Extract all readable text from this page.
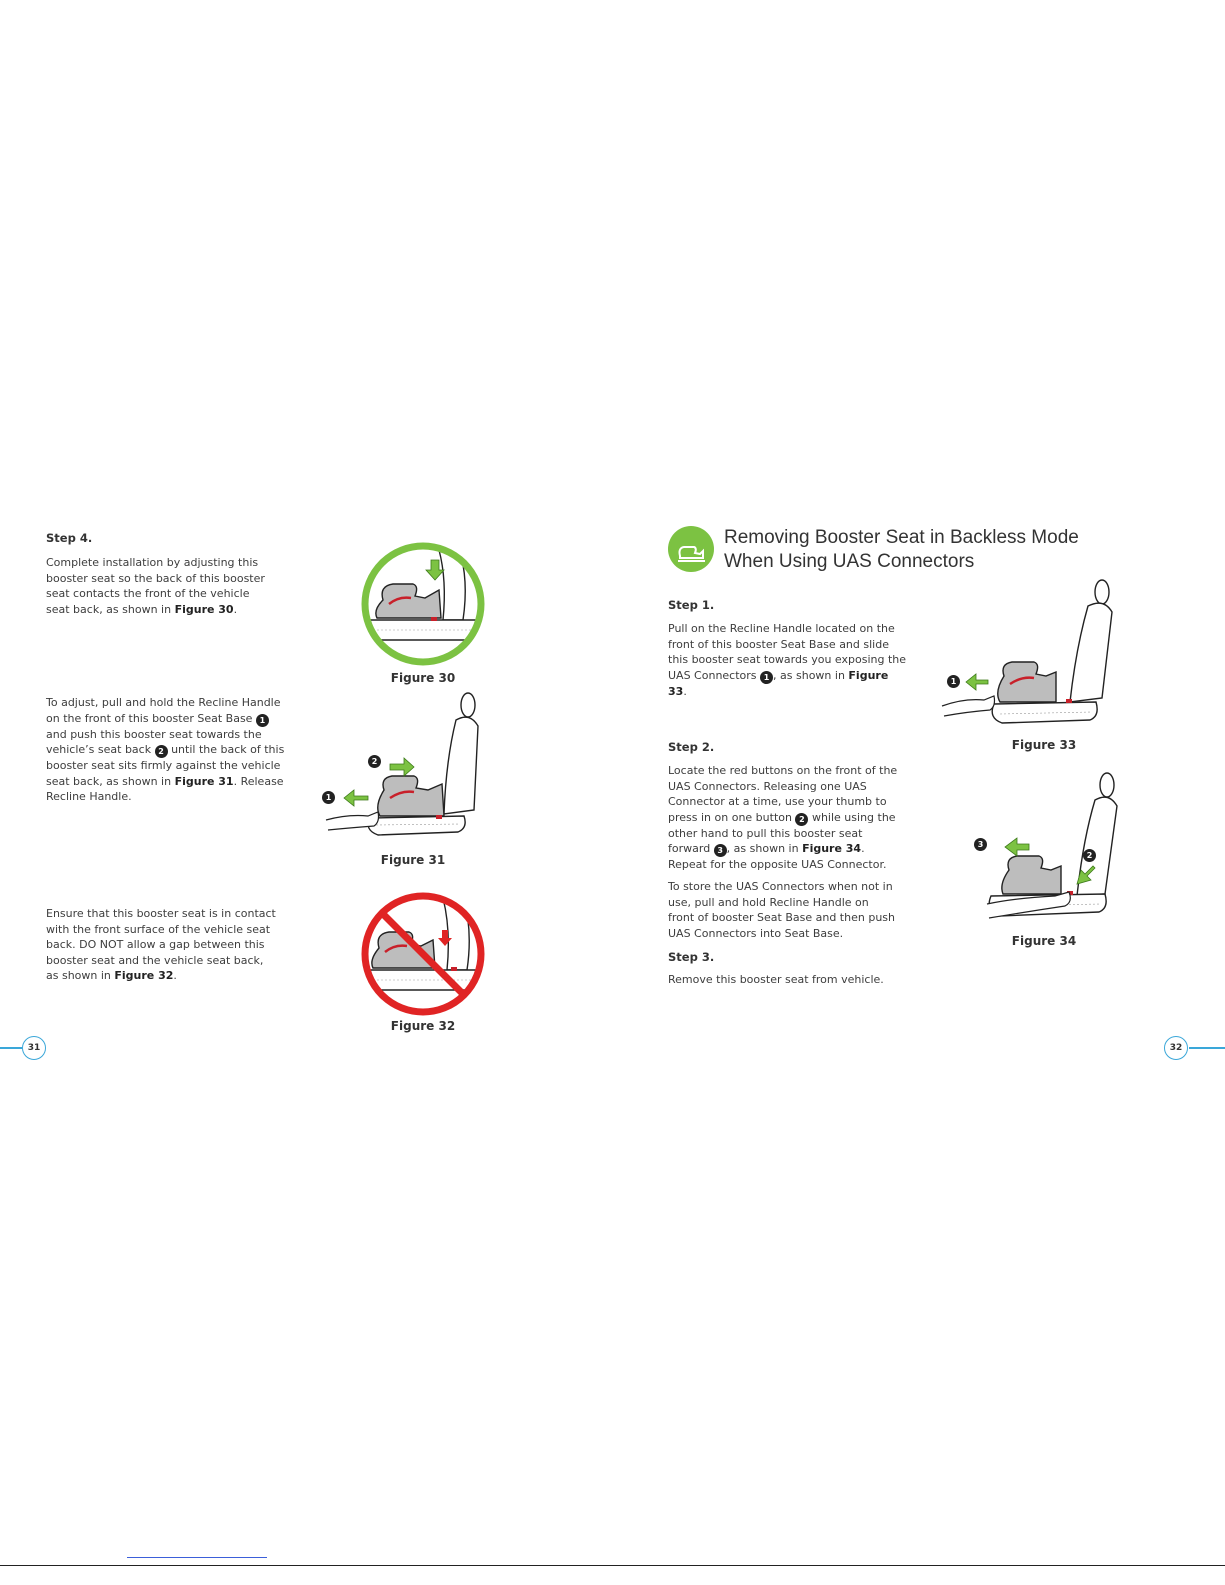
Step 4.

Complete installation by adjusting this booster seat so the back of this booster seat contacts the front of the vehicle seat back, as shown in Figure 30.

To adjust, pull and hold the Recline Handle on the front of this booster Seat Base 1 and push this booster seat towards the vehicle’s seat back 2 until the back of this booster seat sits firmly against the vehicle seat back, as shown in Figure 31. Release Recline Handle.

Ensure that this booster seat is in contact with the front surface of the vehicle seat back. DO NOT allow a gap between this booster seat and the vehicle seat back, as shown in Figure 32.

Figure 30
2
1
Figure 31
Figure 32
31
Removing Booster Seat in Backless Mode
When Using UAS Connectors
Step 1.

Pull on the Recline Handle located on the front of this booster Seat Base and slide this booster seat towards you exposing the UAS Connectors 1 , as shown in Figure 33.

Step 2.

Locate the red buttons on the front of the UAS Connectors. Releasing one UAS Connector at a time, use your thumb to press in on one button 2 while using the other hand to pull this booster seat forward 3 , as shown in Figure 34. Repeat for the opposite UAS Connector.

To store the UAS Connectors when not in use, pull and hold Recline Handle on front of booster Seat Base and then push UAS Connectors into Seat Base.

Step 3.

Remove this booster seat from vehicle.

1
Figure 33
3
2
Figure 34
32
